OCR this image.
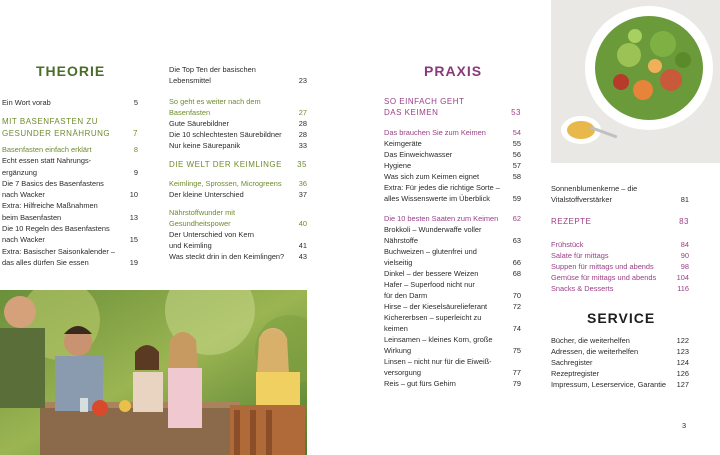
THEORIE	PRAXIS
SERVICE
Ein Wort vorab	5
MIT BASENFASTEN ZU
GESUNDER ERNÄHRUNG	7
Basenfasten einfach erklärt	8
Echt essen statt Nahrungs-
ergänzung	9
Die 7 Basics des Basenfastens
nach Wacker	10
Extra: Hilfreiche Maßnahmen
beim Basenfasten	13
Die 10 Regeln des Basenfastens
nach Wacker	15
Extra: Basischer Saisonkalender –
das alles dürfen Sie essen	19
Die Top Ten der basischen
Lebensmittel	23
So geht es weiter nach dem
Basenfasten	27
Gute Säurebildner	28
Die 10 schlechtesten Säurebildner 28
Nur keine Säurepanik	33
DIE WELT DER KEIMLINGE 35
Keimlinge, Sprossen, Microgreens 36
Der kleine Unterschied	37
Nährstoffwunder mit
Gesundheitspower	40
Der Unterschied von Kern
und Keimling	41
Was steckt drin in den Keimlingen? 43
SO EINFACH GEHT
DAS KEIMEN	53
Das brauchen Sie zum Keimen	54
Keimgeräte	55
Das Einweichwasser	56
Hygiene	57
Was sich zum Keimen eignet	58
Extra: Für jedes die richtige Sorte –
alles Wissenswerte im Überblick	59
Die 10 besten Saaten zum Keimen 62
Brokkoli – Wunderwaffe voller
Nährstoffe	63
Buchweizen – glutenfrei und
vielseitig	66
Dinkel – der bessere Weizen	68
Hafer – Superfood nicht nur
für den Darm	70
Hirse – der Kieselsäurelieferant	72
Kichererbsen – superleicht zu
keimen	74
Leinsamen – kleines Korn, große
Wirkung	75
Linsen – nicht nur für die Eiweiß-
versorgung	77
Reis – gut fürs Gehirn	79
Sonnenblumenkerne – die
Vitalstoffverstärker	81
REZEPTE	83
Frühstück	84
Salate für mittags	90
Suppen für mittags und abends	98
Gemüse für mittags und abends	104
Snacks & Desserts	116
Bücher, die weiterhelfen	122
Adressen, die weiterhelfen	123
Sachregister	124
Rezeptregister	126
Impressum, Leserservice, Garantie 127
3
